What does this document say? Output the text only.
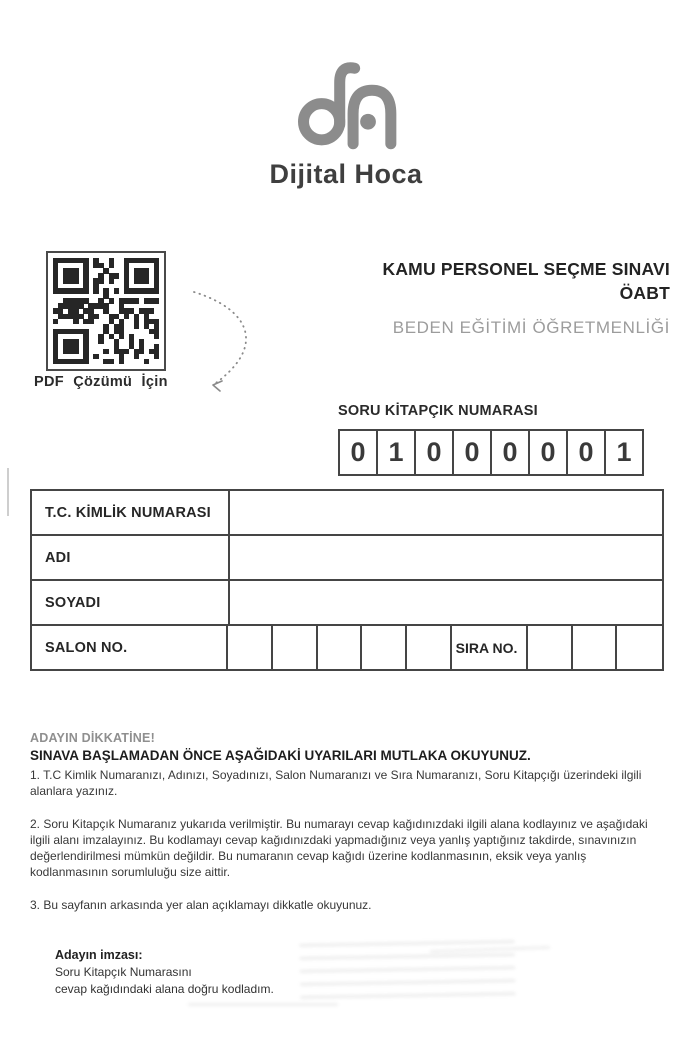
Dijital Hoca
PDF Çözümü İçin
KAMU PERSONEL SEÇME SINAVI
ÖABT
BEDEN EĞİTİMİ ÖĞRETMENLİĞİ
SORU KİTAPÇIK NUMARASI
0 1 0 0 0 0 0 1
T.C. KİMLİK NUMARASI
ADI
SOYADI
SALON NO.	SIRA NO.
ADAYIN DİKKATİNE!
SINAVA BAŞLAMADAN ÖNCE AŞAĞIDAKİ UYARILARI MUTLAKA OKUYUNUZ.

1. T.C Kimlik Numaranızı, Adınızı, Soyadınızı, Salon Numaranızı ve Sıra Numaranızı, Soru Kitapçığı üzerindeki ilgili alanlara yazınız.

2. Soru Kitapçık Numaranız yukarıda verilmiştir. Bu numarayı cevap kağıdınızdaki ilgili alana kodlayınız ve aşağıdaki ilgili alanı imzalayınız. Bu kodlamayı cevap kağıdınızdaki yapmadığınız veya yanlış yaptığınız takdirde, sınavınızın değerlendirilmesi mümkün değildir. Bu numaranın cevap kağıdı üzerine kodlanmasının, eksik veya yanlış kodlanmasının sorumluluğu size aittir.

3. Bu sayfanın arkasında yer alan açıklamayı dikkatle okuyunuz.

Adayın imzası:
Soru Kitapçık Numarasını
cevap kağıdındaki alana doğru kodladım.
